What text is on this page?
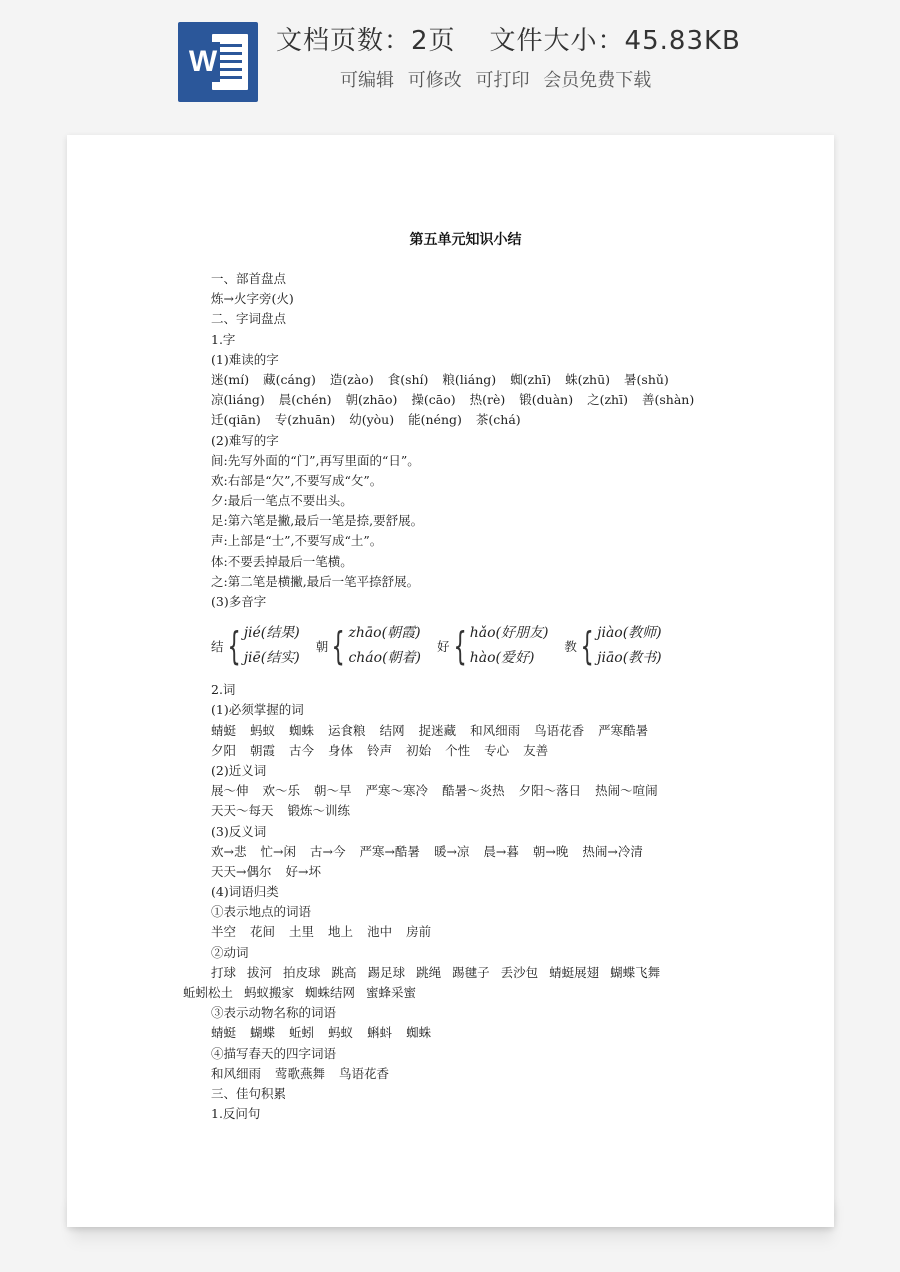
W
文档页数：2页 文件大小：45.83KB
可编辑 可修改 可打印 会员免费下载
第五单元知识小结
一、部首盘点
炼→火字旁(火)
二、字词盘点
1.字
(1)难读的字
迷(mí) 藏(cáng) 造(zào) 食(shí) 粮(liáng) 蜘(zhī) 蛛(zhū) 暑(shǔ)
凉(liáng) 晨(chén) 朝(zhāo) 操(cāo) 热(rè) 锻(duàn) 之(zhī) 善(shàn)
迁(qiān) 专(zhuān) 幼(yòu) 能(néng) 茶(chá)
(2)难写的字
间:先写外面的“门”,再写里面的“日”。
欢:右部是“欠”,不要写成“攵”。
夕:最后一笔点不要出头。
足:第六笔是撇,最后一笔是捺,要舒展。
声:上部是“士”,不要写成“土”。
体:不要丢掉最后一笔横。
之:第二笔是横撇,最后一笔平捺舒展。
(3)多音字
结 { jié(结果)
jiē(结实)
朝 { zhāo(朝霞)
cháo(朝着)
好 { hǎo(好朋友)
hào(爱好)
教 { jiào(教师)
jiāo(教书)
2.词
(1)必须掌握的词
蜻蜓 蚂蚁 蜘蛛 运食粮 结网 捉迷藏 和风细雨 鸟语花香 严寒酷暑
夕阳 朝霞 古今 身体 铃声 初始 个性 专心 友善
(2)近义词
展～伸 欢～乐 朝～早 严寒～寒冷 酷暑～炎热 夕阳～落日 热闹～喧闹
天天～每天 锻炼～训练
(3)反义词
欢→悲 忙→闲 古→今 严寒→酷暑 暖→凉 晨→暮 朝→晚 热闹→冷清
天天→偶尔 好→坏
(4)词语归类
①表示地点的词语
半空 花间 土里 地上 池中 房前
②动词
打球 拔河 拍皮球 跳高 踢足球 跳绳 踢毽子 丢沙包 蜻蜓展翅 蝴蝶飞舞
蚯蚓松土 蚂蚁搬家 蜘蛛结网 蜜蜂采蜜
③表示动物名称的词语
蜻蜓 蝴蝶 蚯蚓 蚂蚁 蝌蚪 蜘蛛
④描写春天的四字词语
和风细雨 莺歌燕舞 鸟语花香
三、佳句积累
1.反问句
